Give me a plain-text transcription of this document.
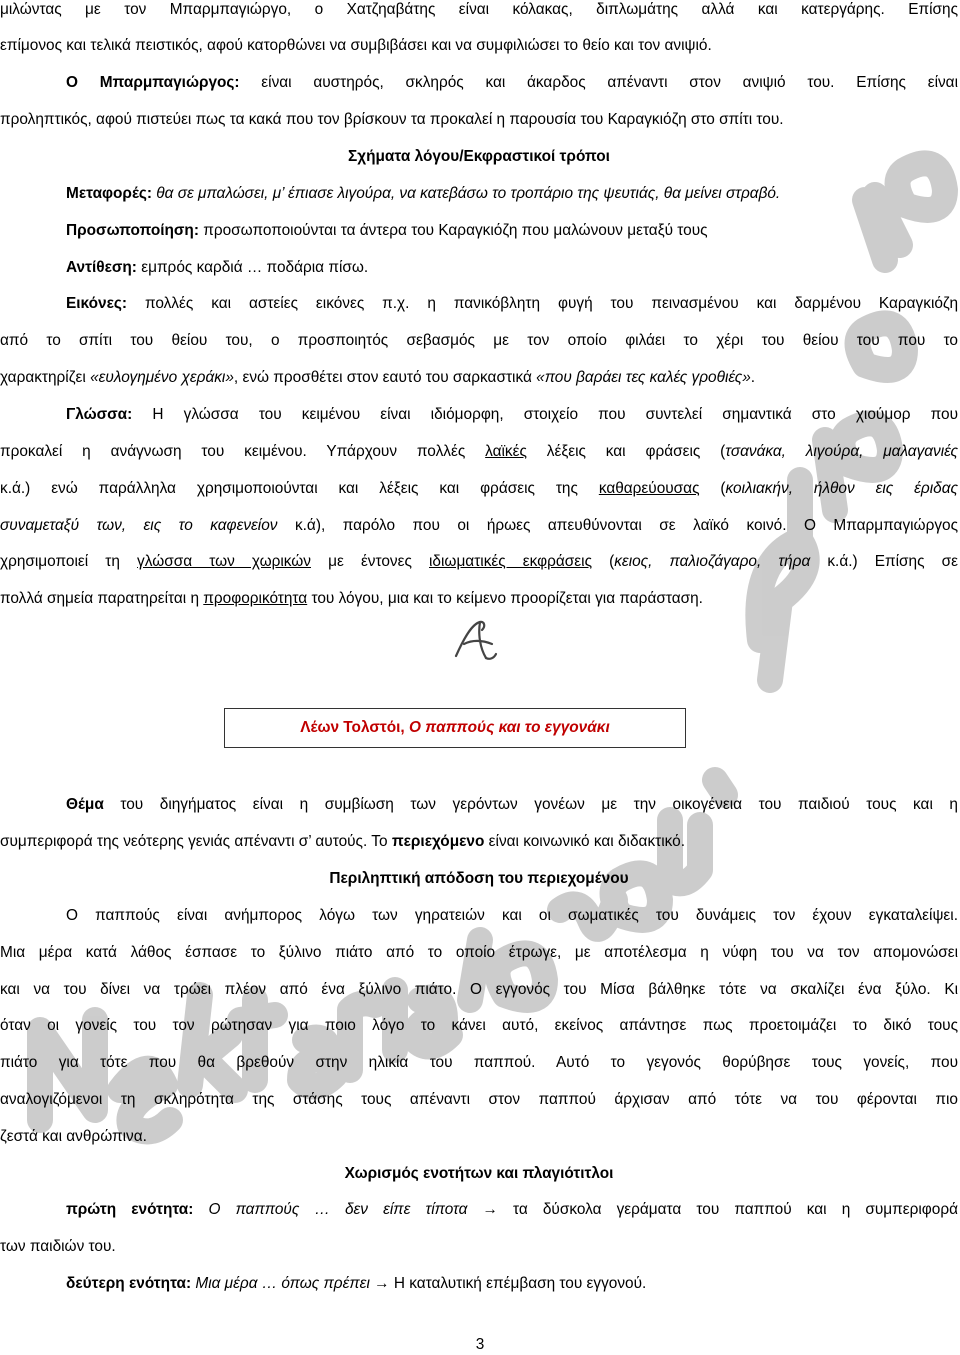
μιλώντας με τον Μπαρμπαγιώργο, ο Χατζηαβάτης είναι κόλακας, διπλωμάτης αλλά και κατεργάρης. Επίσης
επίμονος και τελικά πειστικός, αφού κατορθώνει να συμβιβάσει και να συμφιλιώσει το θείο και τον ανιψιό.
Ο Μπαρμπαγιώργος: είναι αυστηρός, σκληρός και άκαρδος απέναντι στον ανιψιό του. Επίσης είναι
προληπτικός, αφού πιστεύει πως τα κακά που τον βρίσκουν τα προκαλεί η παρουσία του Καραγκιόζη στο σπίτι του.
Σχήματα λόγου/Εκφραστικοί τρόποι
Μεταφορές: θα σε μπαλώσει, μ’ έπιασε λιγούρα, να κατεβάσω το τροπάριο της ψευτιάς, θα μείνει στραβό.
Προσωποποίηση: προσωποποιούνται τα άντερα του Καραγκιόζη που μαλώνουν μεταξύ τους
Αντίθεση: εμπρός καρδιά … ποδάρια πίσω.
Εικόνες: πολλές και αστείες εικόνες π.χ. η πανικόβλητη φυγή του πεινασμένου και δαρμένου Καραγκιόζη
από το σπίτι του θείου του, ο προσποιητός σεβασμός με τον οποίο φιλάει το χέρι του θείου του που το
χαρακτηρίζει «ευλογημένο χεράκι», ενώ προσθέτει στον εαυτό του σαρκαστικά «που βαράει τες καλές γροθιές».
Γλώσσα: Η γλώσσα του κειμένου είναι ιδιόμορφη, στοιχείο που συντελεί σημαντικά στο χιούμορ που
προκαλεί η ανάγνωση του κειμένου. Υπάρχουν πολλές λαϊκές λέξεις και φράσεις (τσανάκα, λιγούρα, μαλαγανιές
κ.ά.) ενώ παράλληλα χρησιμοποιούνται και λέξεις και φράσεις της καθαρεύουσας (κοιλιακήν, ήλθον εις έριδας
συναμεταξύ των, εις το καφενείον κ.ά), παρόλο που οι ήρωες απευθύνονται σε λαϊκό κοινό. Ο Μπαρμπαγιώργος
χρησιμοποιεί τη γλώσσα των χωρικών με έντονες ιδιωματικές εκφράσεις (κειος, παλιοζάγαρο, τήρα κ.ά.) Επίσης σε
πολλά σημεία παρατηρείται η προφορικότητα του λόγου, μια και το κείμενο προορίζεται για παράσταση.
Λέων Τολστόι, Ο παππούς και το εγγονάκι
Θέμα του διηγήματος είναι η συμβίωση των γερόντων γονέων με την οικογένεια του παιδιού τους και η
συμπεριφορά της νεότερης γενιάς απέναντι σ’ αυτούς. Το περιεχόμενο είναι κοινωνικό και διδακτικό.
Περιληπτική απόδοση του περιεχομένου
Ο παππούς είναι ανήμπορος λόγω των γηρατειών και οι σωματικές του δυνάμεις τον έχουν εγκαταλείψει.
Μια μέρα κατά λάθος έσπασε το ξύλινο πιάτο από το οποίο έτρωγε, με αποτέλεσμα η νύφη του να τον απομονώσει
και να του δίνει να τρώει πλέον από ένα ξύλινο πιάτο. Ο εγγονός του Μίσα βάλθηκε τότε να σκαλίζει ένα ξύλο. Κι
όταν οι γονείς του τον ρώτησαν για ποιο λόγο το κάνει αυτό, εκείνος απάντησε πως προετοιμάζει το δικό τους
πιάτο για τότε που θα βρεθούν στην ηλικία του παππού. Αυτό το γεγονός θορύβησε τους γονείς, που
αναλογιζόμενοι τη σκληρότητα της στάσης τους απέναντι στον παππού άρχισαν από τότε να του φέρονται πιο
ζεστά και ανθρώπινα.
Χωρισμός ενοτήτων και πλαγιότιτλοι
πρώτη ενότητα: Ο παππούς … δεν είπε τίποτα → τα δύσκολα γεράματα του παππού και η συμπεριφορά
των παιδιών του.
δεύτερη ενότητα: Μια μέρα … όπως πρέπει → Η καταλυτική επέμβαση του εγγονού.
3
